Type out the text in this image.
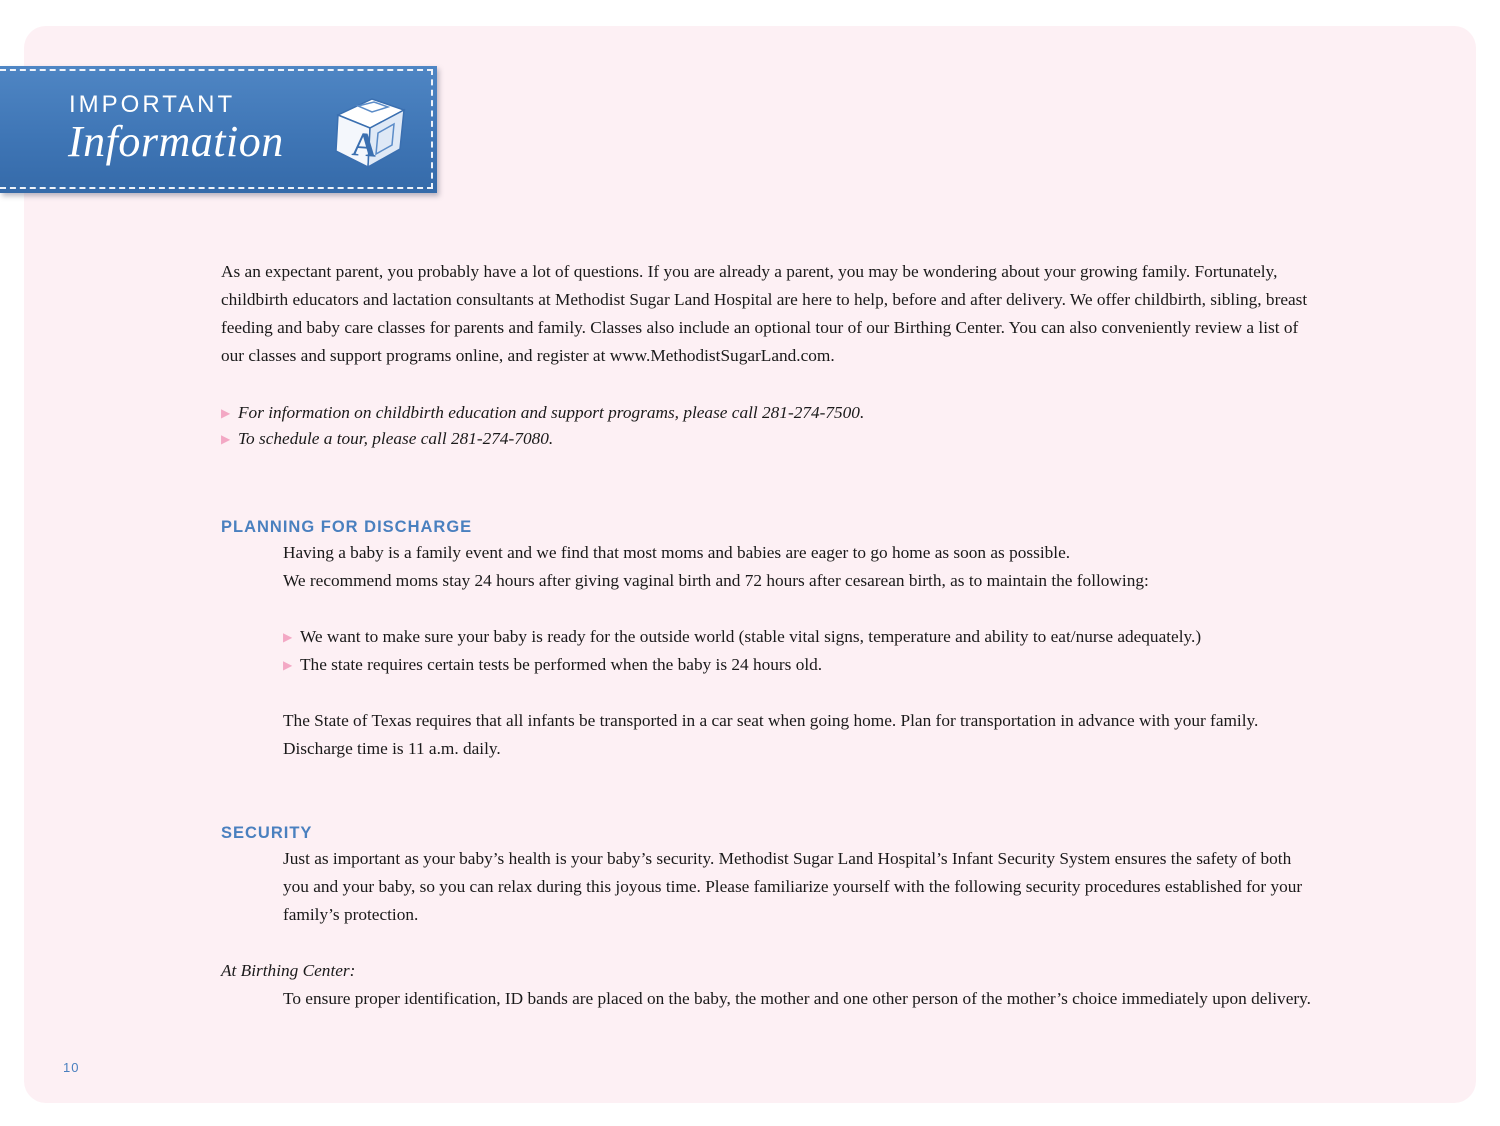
IMPORTANT
Information A

As an expectant parent, you probably have a lot of questions. If you are already a parent, you may be wondering about your growing family. Fortunately, childbirth educators and lactation consultants at Methodist Sugar Land Hospital are here to help, before and after delivery. We offer childbirth, sibling, breast feeding and baby care classes for parents and family. Classes also include an optional tour of our Birthing Center. You can also conveniently review a list of our classes and support programs online, and register at www.MethodistSugarLand.com.

▶ For information on childbirth education and support programs, please call 281-274-7500.
▶ To schedule a tour, please call 281-274-7080.
PLANNING FOR DISCHARGE

Having a baby is a family event and we find that most moms and babies are eager to go home as soon as possible.

We recommend moms stay 24 hours after giving vaginal birth and 72 hours after cesarean birth, as to maintain the following:

▶ We want to make sure your baby is ready for the outside world (stable vital signs, temperature and ability to eat/nurse adequately.)
▶ The state requires certain tests be performed when the baby is 24 hours old.

The State of Texas requires that all infants be transported in a car seat when going home. Plan for transportation in advance with your family. Discharge time is 11 a.m. daily.

SECURITY

Just as important as your baby’s health is your baby’s security. Methodist Sugar Land Hospital’s Infant Security System ensures the safety of both you and your baby, so you can relax during this joyous time. Please familiarize yourself with the following security procedures established for your family’s protection.

At Birthing Center:

To ensure proper identification, ID bands are placed on the baby, the mother and one other person of the mother’s choice immediately upon delivery.

10
